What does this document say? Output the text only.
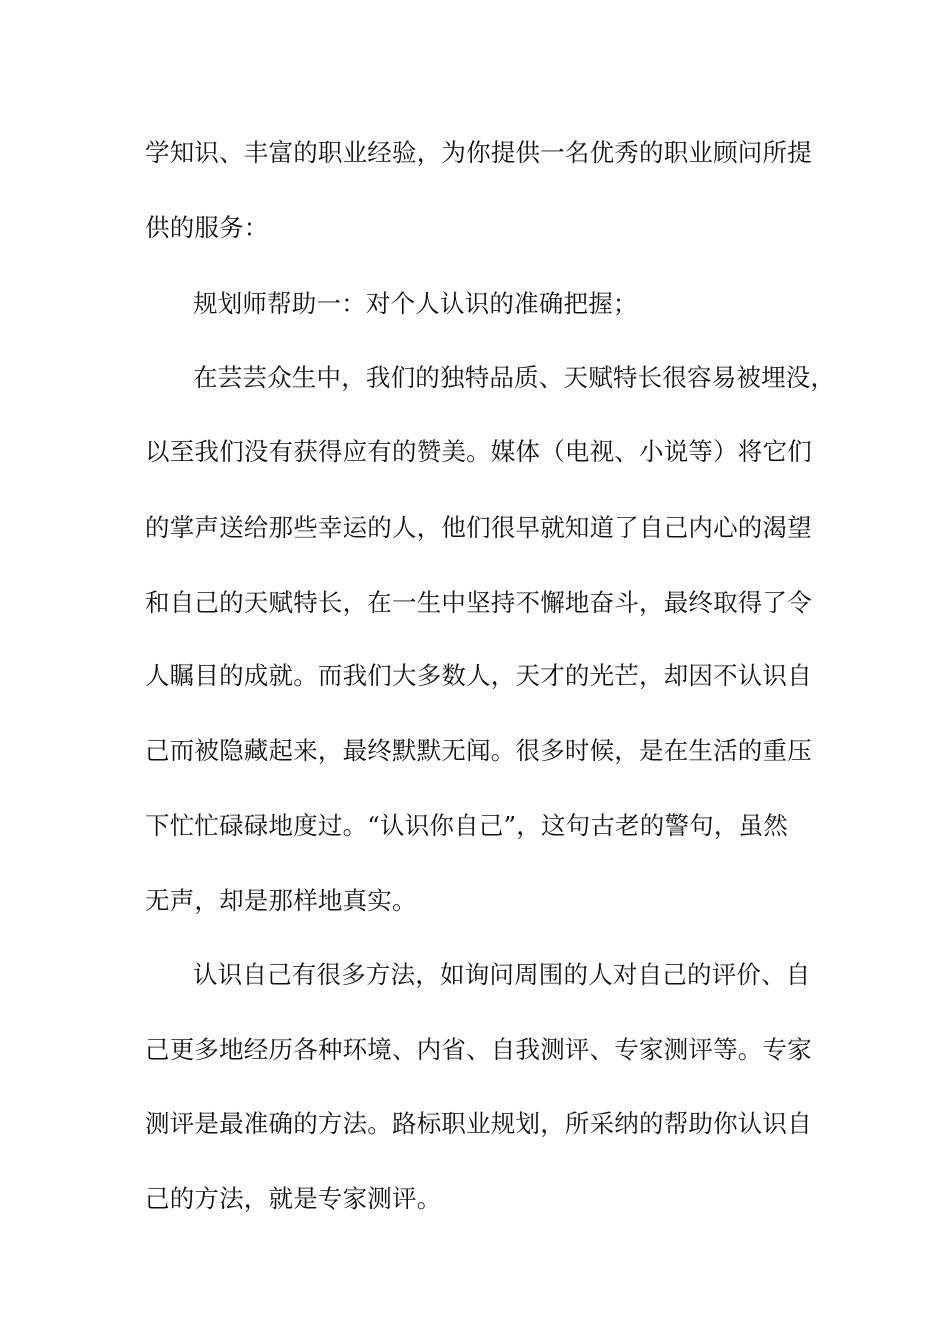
学知识、丰富的职业经验，为你提供一名优秀的职业顾问所提
供的服务：
规划师帮助一：对个人认识的准确把握；
在芸芸众生中，我们的独特品质、天赋特长很容易被埋没，
以至我们没有获得应有的赞美。媒体（电视、小说等）将它们
的掌声送给那些幸运的人，他们很早就知道了自己内心的渴望
和自己的天赋特长，在一生中坚持不懈地奋斗，最终取得了令
人瞩目的成就。而我们大多数人，天才的光芒，却因不认识自
己而被隐藏起来，最终默默无闻。很多时候，是在生活的重压
下忙忙碌碌地度过。“认识你自己”，这句古老的警句，虽然
无声，却是那样地真实。
认识自己有很多方法，如询问周围的人对自己的评价、自
己更多地经历各种环境、内省、自我测评、专家测评等。专家
测评是最准确的方法。路标职业规划，所采纳的帮助你认识自
己的方法，就是专家测评。
